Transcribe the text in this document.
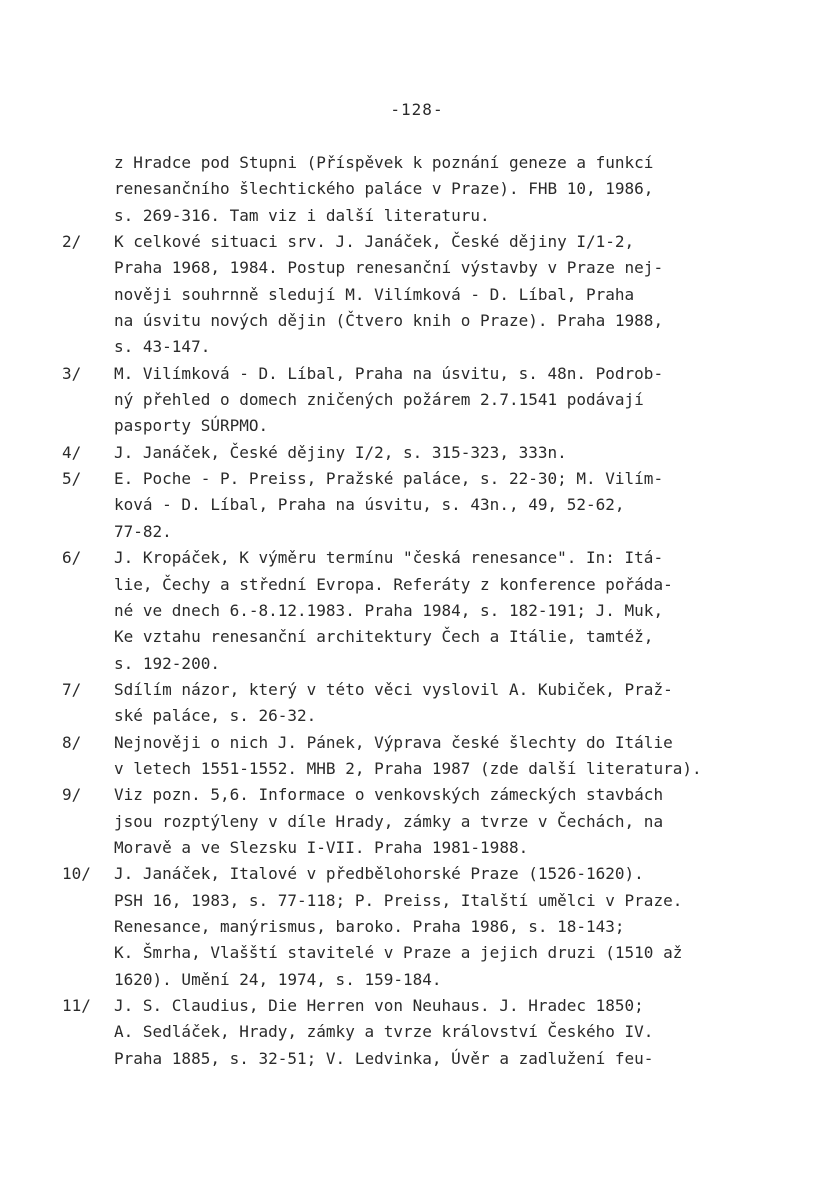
-128-
z Hradce pod Stupni (Příspěvek k poznání geneze a funkcí
renesančního šlechtického paláce v Praze). FHB 10, 1986,
s. 269-316. Tam viz i další literaturu.
2/	K celkové situaci srv. J. Janáček, České dějiny I/1-2,
Praha 1968, 1984. Postup renesanční výstavby v Praze nej-
nověji souhrnně sledují M. Vilímková - D. Líbal, Praha
na úsvitu nových dějin (Čtvero knih o Praze). Praha 1988,
s. 43-147.
3/	M. Vilímková - D. Líbal, Praha na úsvitu, s. 48n. Podrob-
ný přehled o domech zničených požárem 2.7.1541 podávají
pasporty SÚRPMO.
4/	J. Janáček, České dějiny I/2, s. 315-323, 333n.
5/	E. Poche - P. Preiss, Pražské paláce, s. 22-30; M. Vilím-
ková - D. Líbal, Praha na úsvitu, s. 43n., 49, 52-62,
77-82.
6/	J. Kropáček, K výměru termínu "česká renesance". In: Itá-
lie, Čechy a střední Evropa. Referáty z konference pořáda-
né ve dnech 6.-8.12.1983. Praha 1984, s. 182-191; J. Muk,
Ke vztahu renesanční architektury Čech a Itálie, tamtéž,
s. 192-200.
7/	Sdílím názor, který v této věci vyslovil A. Kubiček, Praž-
ské paláce, s. 26-32.
8/	Nejnověji o nich J. Pánek, Výprava české šlechty do Itálie
v letech 1551-1552. MHB 2, Praha 1987 (zde další literatura).
9/	Viz pozn. 5,6. Informace o venkovských zámeckých stavbách
jsou rozptýleny v díle Hrady, zámky a tvrze v Čechách, na
Moravě a ve Slezsku I-VII. Praha 1981-1988.
10/	J. Janáček, Italové v předbělohorské Praze (1526-1620).
PSH 16, 1983, s. 77-118; P. Preiss, Italští umělci v Praze.
Renesance, manýrismus, baroko. Praha 1986, s. 18-143;
K. Šmrha, Vlašští stavitelé v Praze a jejich druzi (1510 až
1620). Umění 24, 1974, s. 159-184.
11/	J. S. Claudius, Die Herren von Neuhaus. J. Hradec 1850;
A. Sedláček, Hrady, zámky a tvrze království Českého IV.
Praha 1885, s. 32-51; V. Ledvinka, Úvěr a zadlužení feu-
